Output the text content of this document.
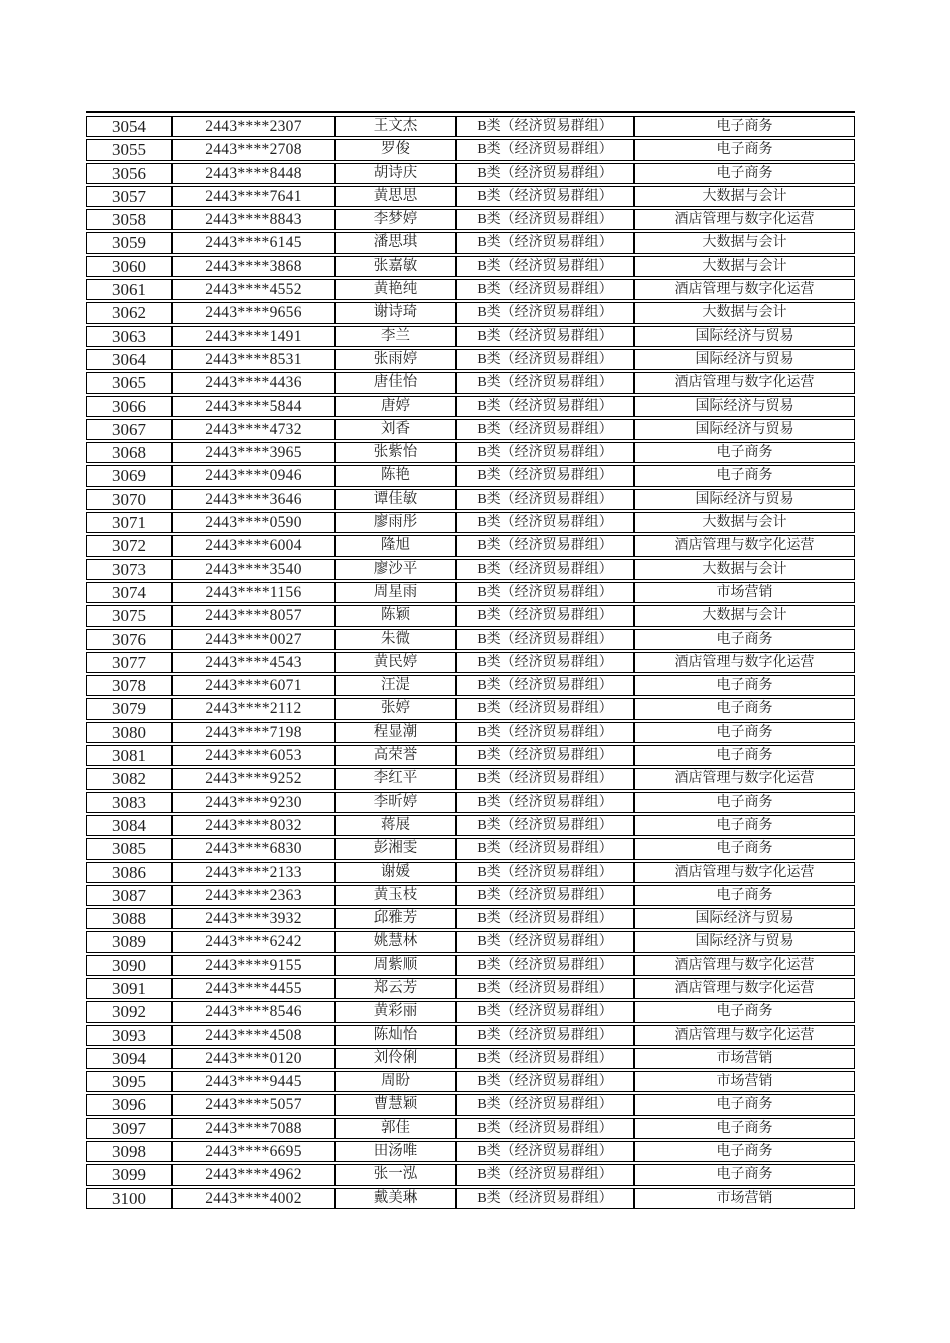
3054	2443****2307	王文杰	B类（经济贸易群组）	电子商务
3055	2443****2708	罗俊	B类（经济贸易群组）	电子商务
3056	2443****8448	胡诗庆	B类（经济贸易群组）	电子商务
3057	2443****7641	黄思思	B类（经济贸易群组）	大数据与会计
3058	2443****8843	李梦婷	B类（经济贸易群组）	酒店管理与数字化运营
3059	2443****6145	潘思琪	B类（经济贸易群组）	大数据与会计
3060	2443****3868	张嘉敏	B类（经济贸易群组）	大数据与会计
3061	2443****4552	黄艳纯	B类（经济贸易群组）	酒店管理与数字化运营
3062	2443****9656	谢诗琦	B类（经济贸易群组）	大数据与会计
3063	2443****1491	李兰	B类（经济贸易群组）	国际经济与贸易
3064	2443****8531	张雨婷	B类（经济贸易群组）	国际经济与贸易
3065	2443****4436	唐佳怡	B类（经济贸易群组）	酒店管理与数字化运营
3066	2443****5844	唐婷	B类（经济贸易群组）	国际经济与贸易
3067	2443****4732	刘香	B类（经济贸易群组）	国际经济与贸易
3068	2443****3965	张紫怡	B类（经济贸易群组）	电子商务
3069	2443****0946	陈艳	B类（经济贸易群组）	电子商务
3070	2443****3646	谭佳敏	B类（经济贸易群组）	国际经济与贸易
3071	2443****0590	廖雨彤	B类（经济贸易群组）	大数据与会计
3072	2443****6004	隆旭	B类（经济贸易群组）	酒店管理与数字化运营
3073	2443****3540	廖沙平	B类（经济贸易群组）	大数据与会计
3074	2443****1156	周星雨	B类（经济贸易群组）	市场营销
3075	2443****8057	陈颖	B类（经济贸易群组）	大数据与会计
3076	2443****0027	朱微	B类（经济贸易群组）	电子商务
3077	2443****4543	黄民婷	B类（经济贸易群组）	酒店管理与数字化运营
3078	2443****6071	汪湜	B类（经济贸易群组）	电子商务
3079	2443****2112	张婷	B类（经济贸易群组）	电子商务
3080	2443****7198	程显潮	B类（经济贸易群组）	电子商务
3081	2443****6053	高荣誉	B类（经济贸易群组）	电子商务
3082	2443****9252	李红平	B类（经济贸易群组）	酒店管理与数字化运营
3083	2443****9230	李昕婷	B类（经济贸易群组）	电子商务
3084	2443****8032	蒋展	B类（经济贸易群组）	电子商务
3085	2443****6830	彭湘雯	B类（经济贸易群组）	电子商务
3086	2443****2133	谢媛	B类（经济贸易群组）	酒店管理与数字化运营
3087	2443****2363	黄玉枝	B类（经济贸易群组）	电子商务
3088	2443****3932	邱雅芳	B类（经济贸易群组）	国际经济与贸易
3089	2443****6242	姚慧林	B类（经济贸易群组）	国际经济与贸易
3090	2443****9155	周紫顺	B类（经济贸易群组）	酒店管理与数字化运营
3091	2443****4455	郑云芳	B类（经济贸易群组）	酒店管理与数字化运营
3092	2443****8546	黄彩丽	B类（经济贸易群组）	电子商务
3093	2443****4508	陈灿怡	B类（经济贸易群组）	酒店管理与数字化运营
3094	2443****0120	刘伶俐	B类（经济贸易群组）	市场营销
3095	2443****9445	周盼	B类（经济贸易群组）	市场营销
3096	2443****5057	曹慧颖	B类（经济贸易群组）	电子商务
3097	2443****7088	郭佳	B类（经济贸易群组）	电子商务
3098	2443****6695	田汤唯	B类（经济贸易群组）	电子商务
3099	2443****4962	张一泓	B类（经济贸易群组）	电子商务
3100	2443****4002	戴美琳	B类（经济贸易群组）	市场营销
